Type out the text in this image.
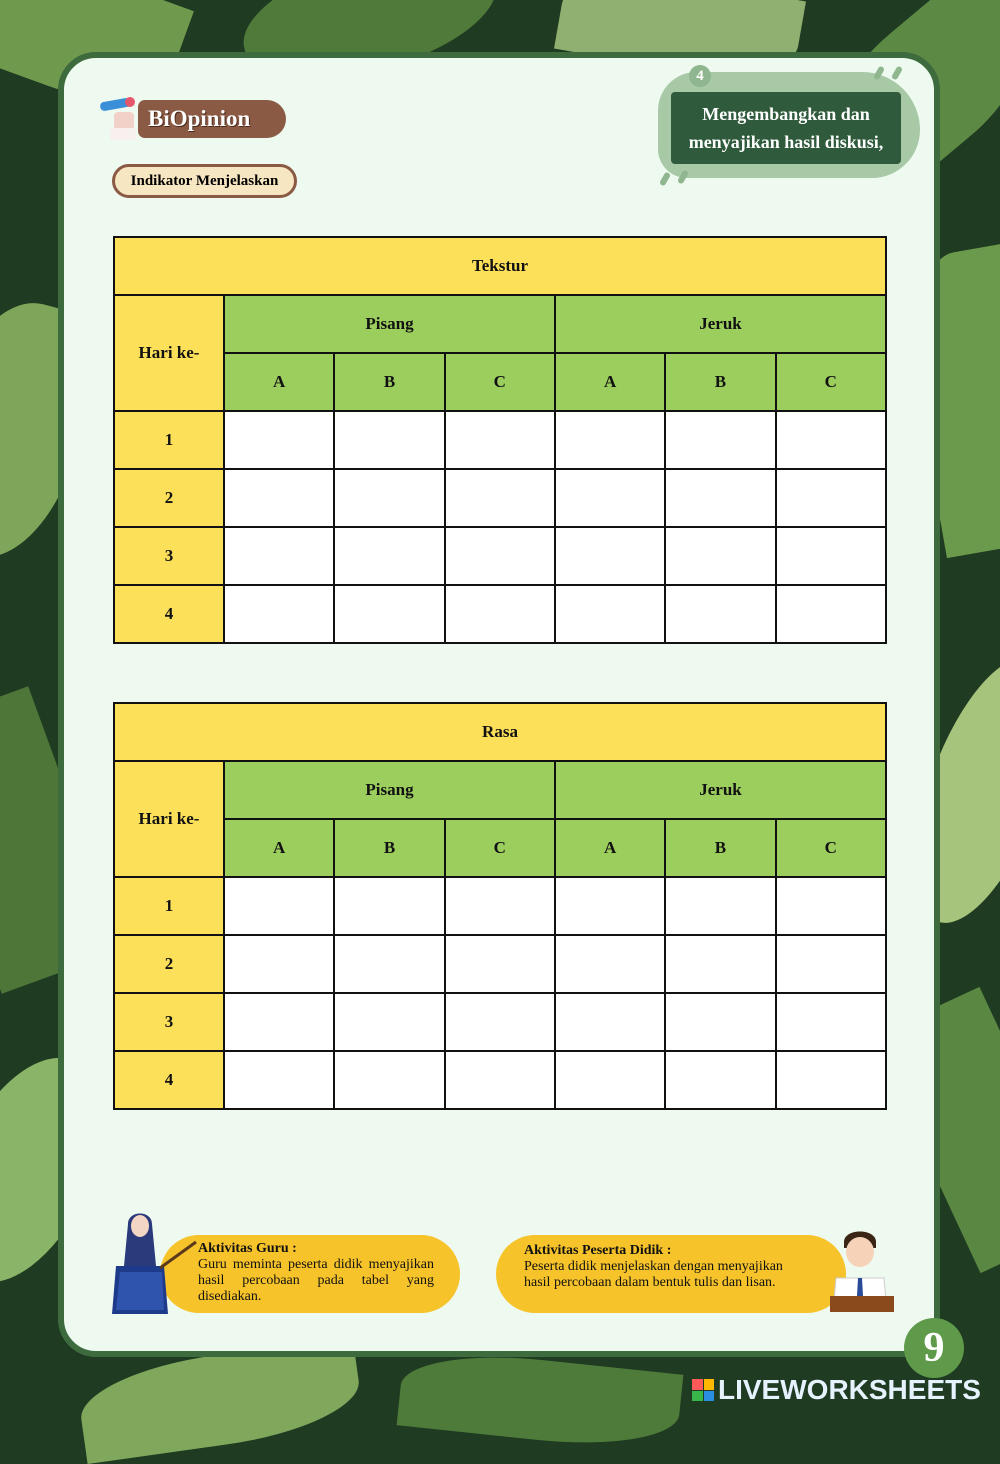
BiOpinion
Indikator Menjelaskan
4
Mengembangkan dan
menyajikan hasil diskusi,
Tekstur						
Hari ke-	Pisang			Jeruk		
	A	B	C	A	B	C
1						
2						
3						
4						
Rasa						
Hari ke-	Pisang			Jeruk		
	A	B	C	A	B	C
1						
2						
3						
4						
Aktivitas Guru :
Guru meminta peserta didik menyajikan hasil percobaan pada tabel yang disediakan.
Aktivitas Peserta Didik :
Peserta didik menjelaskan dengan menyajikan hasil percobaan dalam bentuk tulis dan lisan.
9
LIVEWORKSHEETS
